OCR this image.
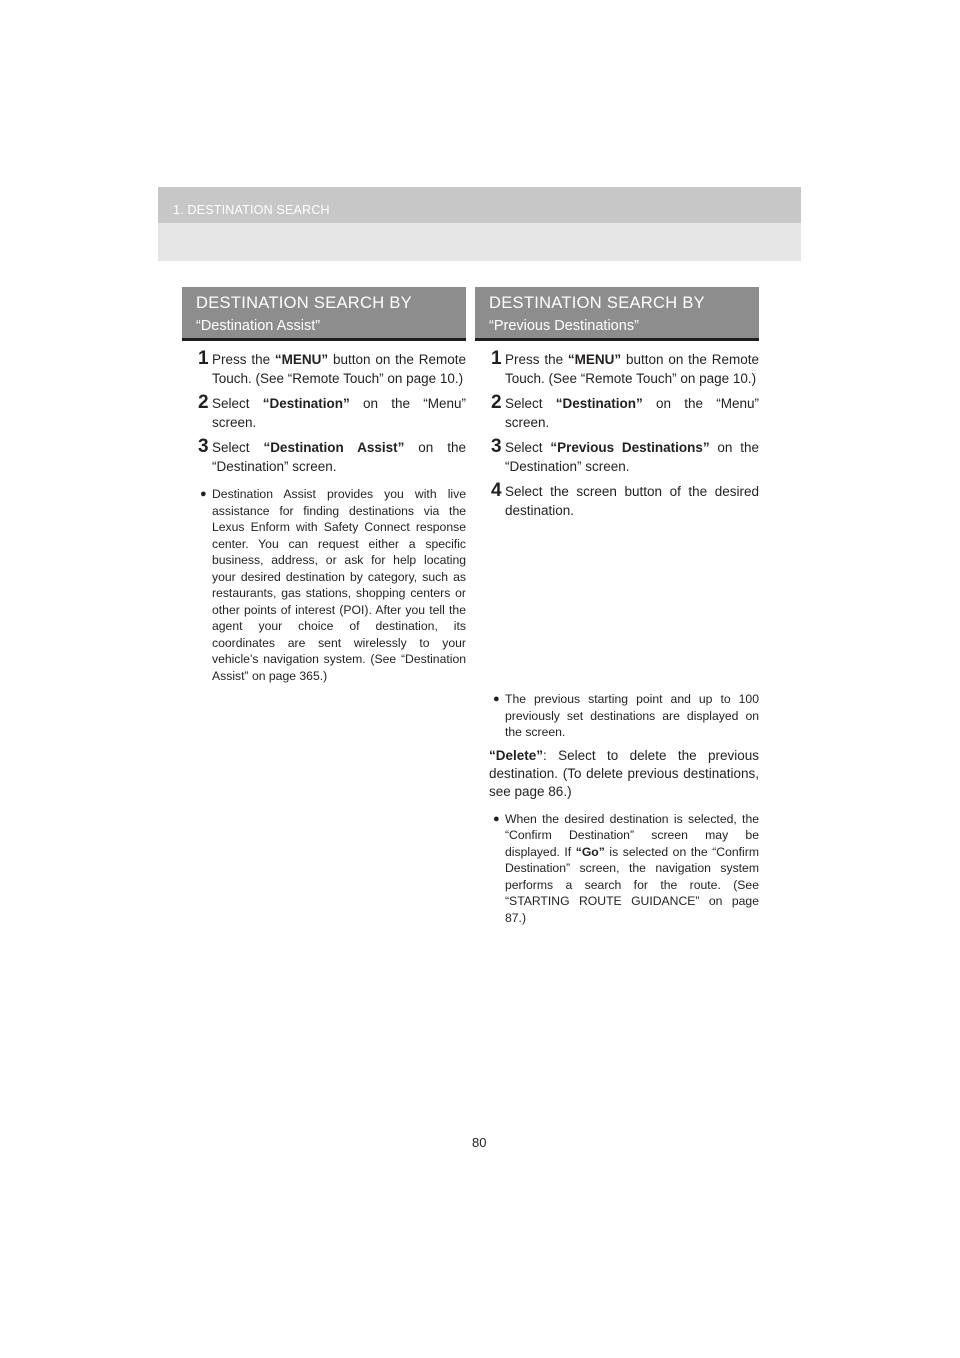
1. DESTINATION SEARCH
DESTINATION SEARCH BY
“Destination Assist”
1 Press the “MENU” button on the Remote Touch. (See “Remote Touch” on page 10.)
2 Select “Destination” on the “Menu” screen.
3 Select “Destination Assist” on the “Destination” screen.
● Destination Assist provides you with live assistance for finding destinations via the Lexus Enform with Safety Connect response center. You can request either a specific business, address, or ask for help locating your desired destination by category, such as restaurants, gas stations, shopping centers or other points of interest (POI). After you tell the agent your choice of destination, its coordinates are sent wirelessly to your vehicle’s navigation system. (See “Destination Assist” on page 365.)
DESTINATION SEARCH BY
“Previous Destinations”
1 Press the “MENU” button on the Remote Touch. (See “Remote Touch” on page 10.)
2 Select “Destination” on the “Menu” screen.
3 Select “Previous Destinations” on the “Destination” screen.
4 Select the screen button of the desired destination.
● The previous starting point and up to 100 previously set destinations are displayed on the screen.
“Delete”: Select to delete the previous destination. (To delete previous destinations, see page 86.)
● When the desired destination is selected, the “Confirm Destination” screen may be displayed. If “Go” is selected on the “Confirm Destination” screen, the navigation system performs a search for the route. (See “STARTING ROUTE GUIDANCE” on page 87.)
80
